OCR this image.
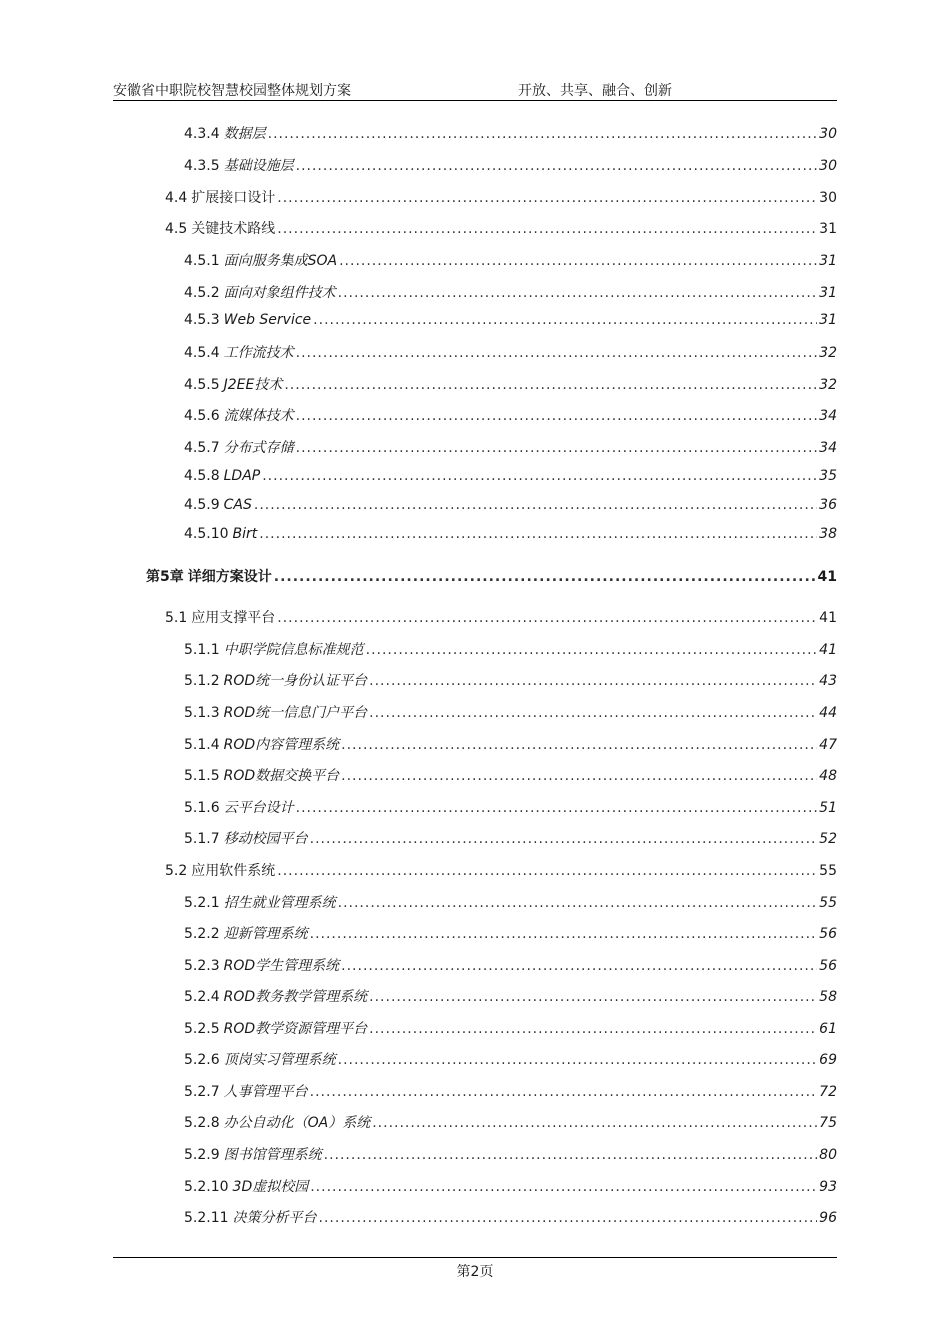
安徽省中职院校智慧校园整体规划方案	开放、共享、融合、创新
4.3.4 数据层 .....	30
4.3.5 基础设施层 .....	30
4.4 扩展接口设计 .....	30
4.5 关键技术路线 .....	31
4.5.1 面向服务集成SOA .....	31
4.5.2 面向对象组件技术 .....	31
4.5.3 Web Service .....	31
4.5.4 工作流技术 .....	32
4.5.5 J2EE技术 .....	32
4.5.6 流媒体技术 .....	34
4.5.7 分布式存储 .....	34
4.5.8 LDAP .....	35
4.5.9 CAS .....	36
4.5.10 Birt .....	38
第5章 详细方案设计 .....	41
5.1 应用支撑平台 .....	41
5.1.1 中职学院信息标准规范 .....	41
5.1.2 ROD统一身份认证平台 .....	43
5.1.3 ROD统一信息门户平台 .....	44
5.1.4 ROD内容管理系统 .....	47
5.1.5 ROD数据交换平台 .....	48
5.1.6 云平台设计 .....	51
5.1.7 移动校园平台 .....	52
5.2 应用软件系统 .....	55
5.2.1 招生就业管理系统 .....	55
5.2.2 迎新管理系统 .....	56
5.2.3 ROD学生管理系统 .....	56
5.2.4 ROD教务教学管理系统 .....	58
5.2.5 ROD教学资源管理平台 .....	61
5.2.6 顶岗实习管理系统 .....	69
5.2.7 人事管理平台 .....	72
5.2.8 办公自动化（OA）系统 .....	75
5.2.9 图书馆管理系统 .....	80
5.2.10 3D虚拟校园 .....	93
5.2.11 决策分析平台 .....	96
第2页
